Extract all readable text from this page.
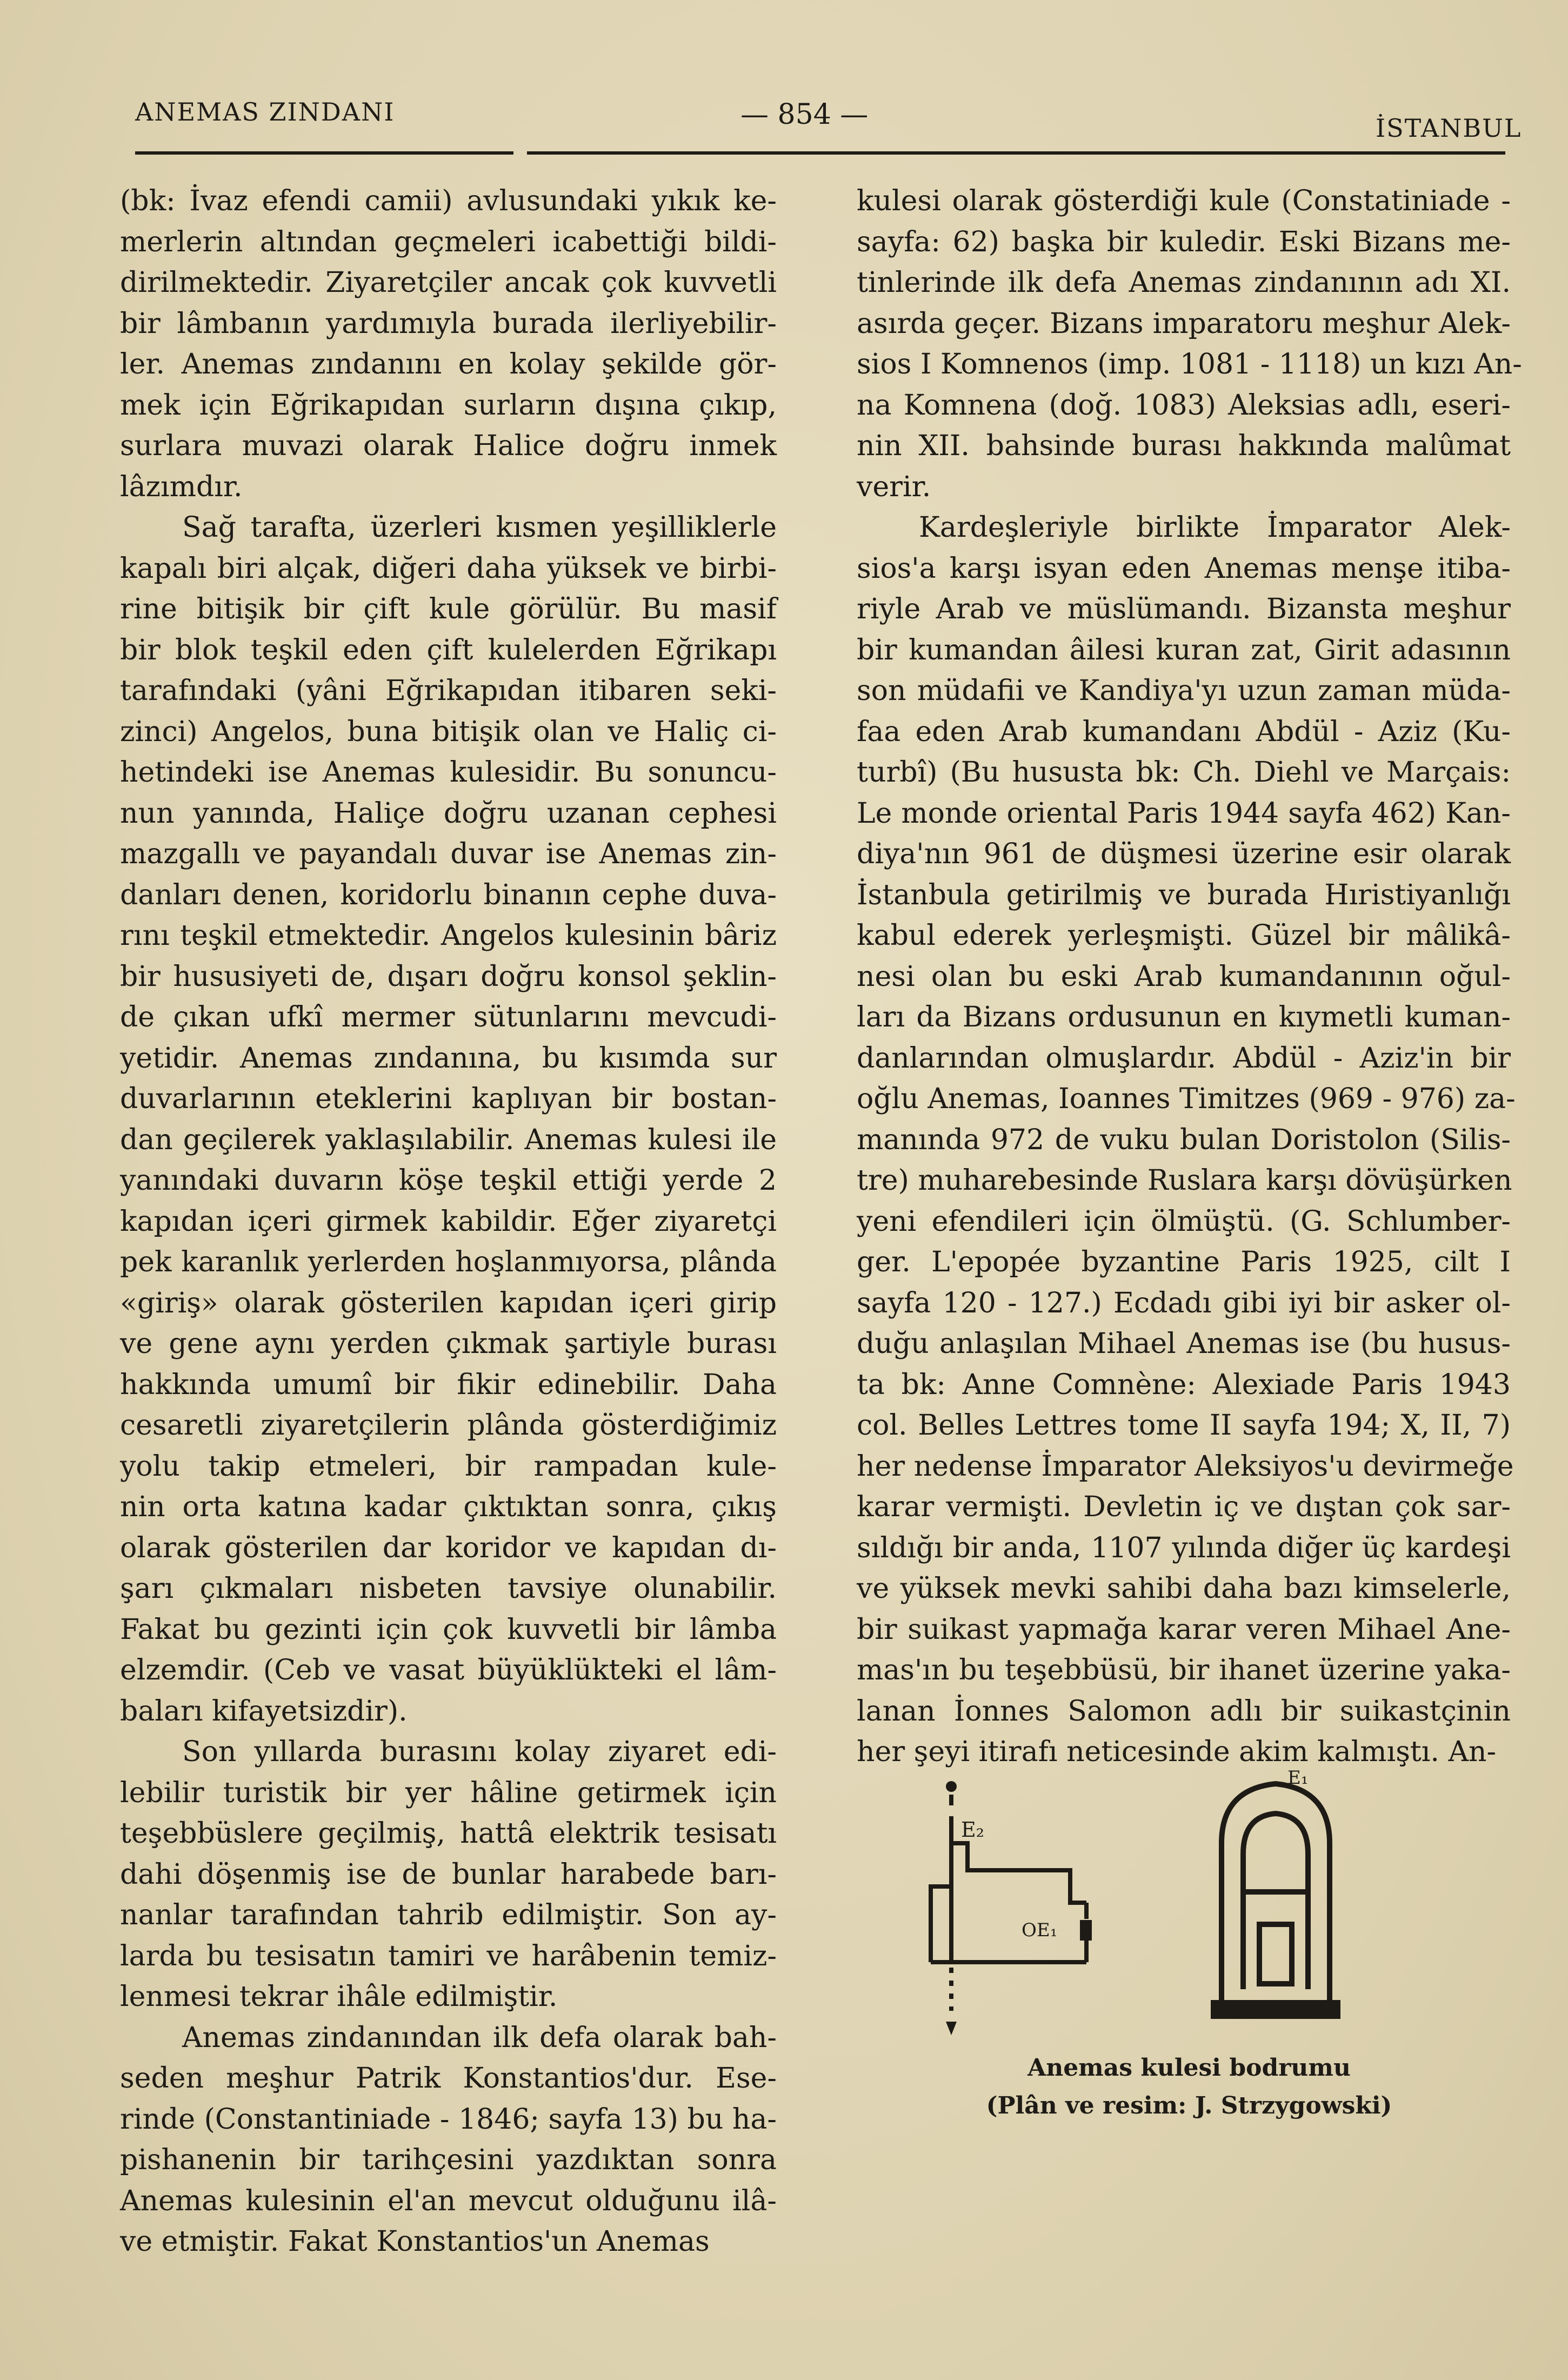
ANEMAS ZINDANI	— 854 —	İSTANBUL
(bk: İvaz efendi camii) avlusundaki yıkık ke-
merlerin altından geçmeleri icabettiği bildi-
dirilmektedir. Ziyaretçiler ancak çok kuvvetli
bir lâmbanın yardımıyla burada ilerliyebilir-
ler. Anemas zındanını en kolay şekilde gör-
mek için Eğrikapıdan surların dışına çıkıp,
surlara muvazi olarak Halice doğru inmek
lâzımdır.
Sağ tarafta, üzerleri kısmen yeşilliklerle
kapalı biri alçak, diğeri daha yüksek ve birbi-
rine bitişik bir çift kule görülür. Bu masif
bir blok teşkil eden çift kulelerden Eğrikapı
tarafındaki (yâni Eğrikapıdan itibaren seki-
zinci) Angelos, buna bitişik olan ve Haliç ci-
hetindeki ise Anemas kulesidir. Bu sonuncu-
nun yanında, Haliçe doğru uzanan cephesi
mazgallı ve payandalı duvar ise Anemas zin-
danları denen, koridorlu binanın cephe duva-
rını teşkil etmektedir. Angelos kulesinin bâriz
bir hususiyeti de, dışarı doğru konsol şeklin-
de çıkan ufkî mermer sütunlarını mevcudi-
yetidir. Anemas zındanına, bu kısımda sur
duvarlarının eteklerini kaplıyan bir bostan-
dan geçilerek yaklaşılabilir. Anemas kulesi ile
yanındaki duvarın köşe teşkil ettiği yerde 2
kapıdan içeri girmek kabildir. Eğer ziyaretçi
pek karanlık yerlerden hoşlanmıyorsa, plânda
«giriş» olarak gösterilen kapıdan içeri girip
ve gene aynı yerden çıkmak şartiyle burası
hakkında umumî bir fikir edinebilir. Daha
cesaretli ziyaretçilerin plânda gösterdiğimiz
yolu takip etmeleri, bir rampadan kule-
nin orta katına kadar çıktıktan sonra, çıkış
olarak gösterilen dar koridor ve kapıdan dı-
şarı çıkmaları nisbeten tavsiye olunabilir.
Fakat bu gezinti için çok kuvvetli bir lâmba
elzemdir. (Ceb ve vasat büyüklükteki el lâm-
baları kifayetsizdir).
Son yıllarda burasını kolay ziyaret edi-
lebilir turistik bir yer hâline getirmek için
teşebbüslere geçilmiş, hattâ elektrik tesisatı
dahi döşenmiş ise de bunlar harabede barı-
nanlar tarafından tahrib edilmiştir. Son ay-
larda bu tesisatın tamiri ve harâbenin temiz-
lenmesi tekrar ihâle edilmiştir.
Anemas zindanından ilk defa olarak bah-
seden meşhur Patrik Konstantios'dur. Ese-
rinde (Constantiniade - 1846; sayfa 13) bu ha-
pishanenin bir tarihçesini yazdıktan sonra
Anemas kulesinin el'an mevcut olduğunu ilâ-
ve etmiştir. Fakat Konstantios'un Anemas
kulesi olarak gösterdiği kule (Constatiniade -
sayfa: 62) başka bir kuledir. Eski Bizans me-
tinlerinde ilk defa Anemas zindanının adı XI.
asırda geçer. Bizans imparatoru meşhur Alek-
sios I Komnenos (imp. 1081 - 1118) un kızı An-
na Komnena (doğ. 1083) Aleksias adlı, eseri-
nin XII. bahsinde burası hakkında malûmat
verir.
Kardeşleriyle birlikte İmparator Alek-
sios'a karşı isyan eden Anemas menşe itiba-
riyle Arab ve müslümandı. Bizansta meşhur
bir kumandan âilesi kuran zat, Girit adasının
son müdafii ve Kandiya'yı uzun zaman müda-
faa eden Arab kumandanı Abdül - Aziz (Ku-
turbî) (Bu hususta bk: Ch. Diehl ve Marçais:
Le monde oriental Paris 1944 sayfa 462) Kan-
diya'nın 961 de düşmesi üzerine esir olarak
İstanbula getirilmiş ve burada Hıristiyanlığı
kabul ederek yerleşmişti. Güzel bir mâlikâ-
nesi olan bu eski Arab kumandanının oğul-
ları da Bizans ordusunun en kıymetli kuman-
danlarından olmuşlardır. Abdül - Aziz'in bir
oğlu Anemas, Ioannes Timitzes (969 - 976) za-
manında 972 de vuku bulan Doristolon (Silis-
tre) muharebesinde Ruslara karşı dövüşürken
yeni efendileri için ölmüştü. (G. Schlumber-
ger. L'epopée byzantine Paris 1925, cilt I
sayfa 120 - 127.) Ecdadı gibi iyi bir asker ol-
duğu anlaşılan Mihael Anemas ise (bu husus-
ta bk: Anne Comnène: Alexiade Paris 1943
col. Belles Lettres tome II sayfa 194; X, II, 7)
her nedense İmparator Aleksiyos'u devirmeğe
karar vermişti. Devletin iç ve dıştan çok sar-
sıldığı bir anda, 1107 yılında diğer üç kardeşi
ve yüksek mevki sahibi daha bazı kimselerle,
bir suikast yapmağa karar veren Mihael Ane-
mas'ın bu teşebbüsü, bir ihanet üzerine yaka-
lanan İonnes Salomon adlı bir suikastçinin
her şeyi itirafı neticesinde akim kalmıştı. An-
E₂
OE₁
E₁
Anemas kulesi bodrumu
(Plân ve resim: J. Strzygowski)
